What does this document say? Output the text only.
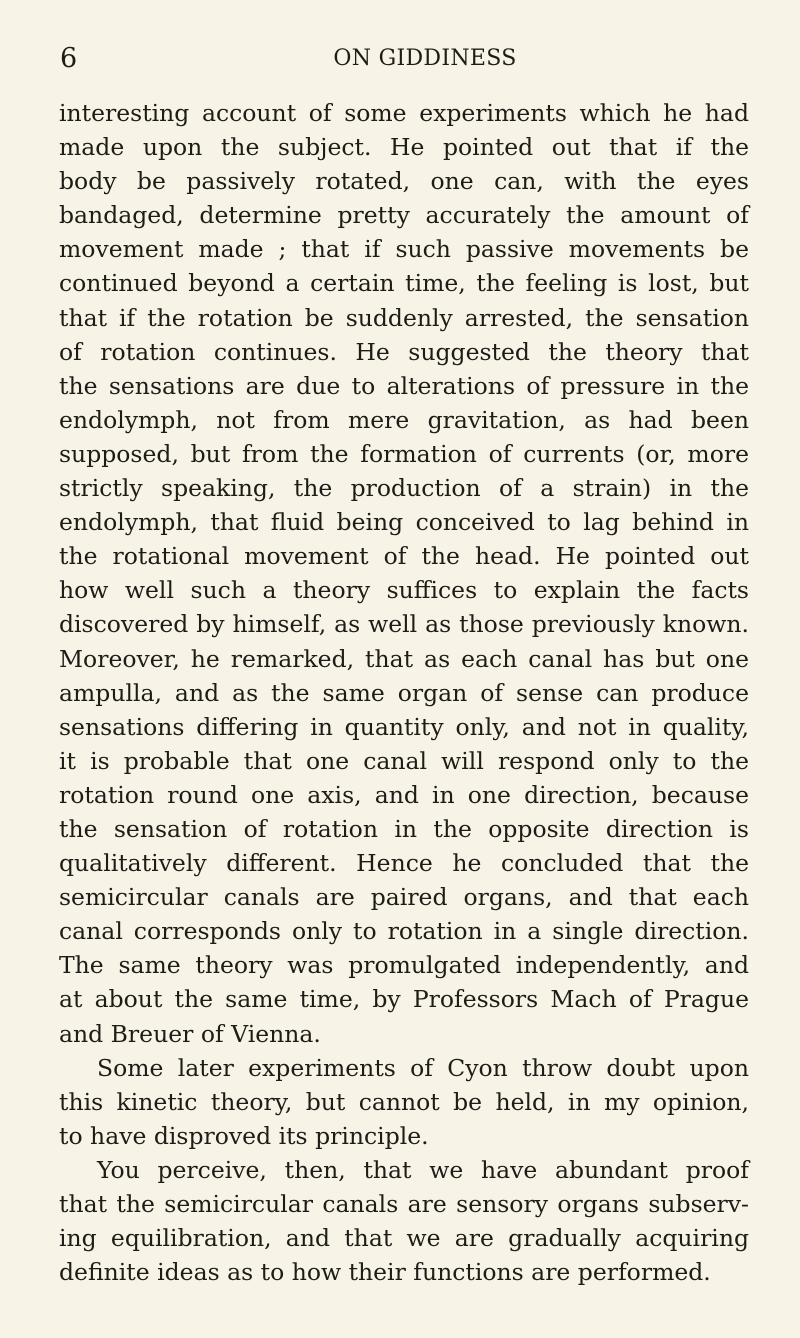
6	ON GIDDINESS
interesting account of some experiments which he had
made upon the subject. He pointed out that if the
body be passively rotated, one can, with the eyes
bandaged, determine pretty accurately the amount of
movement made ; that if such passive movements be
continued beyond a certain time, the feeling is lost, but
that if the rotation be suddenly arrested, the sensation
of rotation continues. He suggested the theory that
the sensations are due to alterations of pressure in the
endolymph, not from mere gravitation, as had been
supposed, but from the formation of currents (or, more
strictly speaking, the production of a strain) in the
endolymph, that fluid being conceived to lag behind in
the rotational movement of the head. He pointed out
how well such a theory suffices to explain the facts
discovered by himself, as well as those previously known.
Moreover, he remarked, that as each canal has but one
ampulla, and as the same organ of sense can produce
sensations differing in quantity only, and not in quality,
it is probable that one canal will respond only to the
rotation round one axis, and in one direction, because
the sensation of rotation in the opposite direction is
qualitatively different. Hence he concluded that the
semicircular canals are paired organs, and that each
canal corresponds only to rotation in a single direction.
The same theory was promulgated independently, and
at about the same time, by Professors Mach of Prague
and Breuer of Vienna.
Some later experiments of Cyon throw doubt upon
this kinetic theory, but cannot be held, in my opinion,
to have disproved its principle.
You perceive, then, that we have abundant proof
that the semicircular canals are sensory organs subserv-
ing equilibration, and that we are gradually acquiring
definite ideas as to how their functions are performed.
